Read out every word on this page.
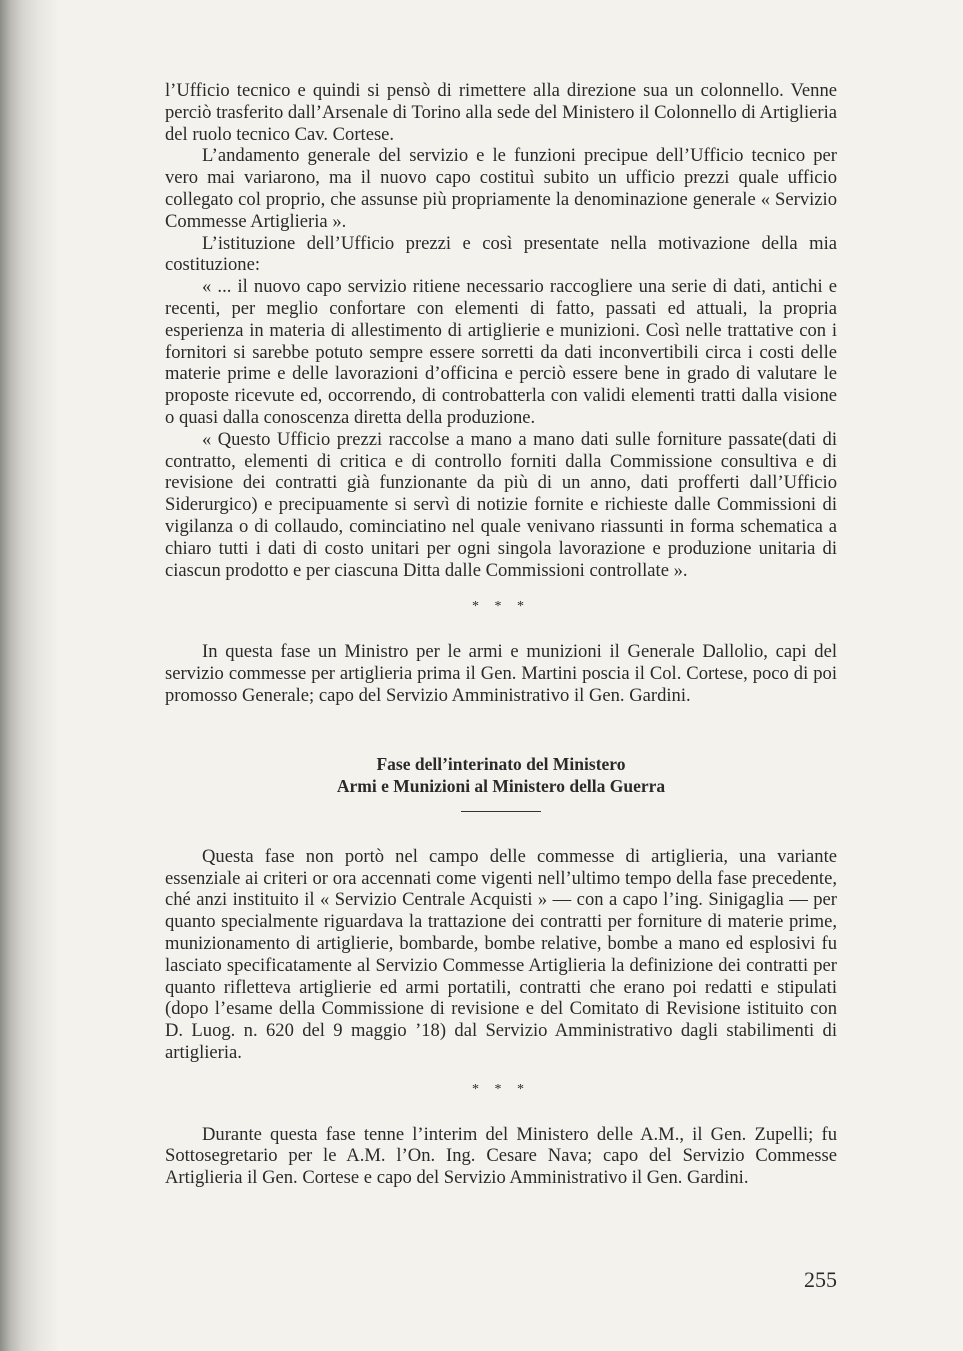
l’Ufficio tecnico e quindi si pensò di rimettere alla direzione sua un colonnello. Venne perciò trasferito dall’Arsenale di Torino alla sede del Ministero il Colonnello di Artiglieria del ruolo tecnico Cav. Cortese.

L’andamento generale del servizio e le funzioni precipue dell’Ufficio tecnico per vero mai variarono, ma il nuovo capo costituì subito un ufficio prezzi quale ufficio collegato col proprio, che assunse più propriamente la denominazione generale « Servizio Commesse Artiglieria ».

L’istituzione dell’Ufficio prezzi e così presentate nella motivazione della mia costituzione:

« ... il nuovo capo servizio ritiene necessario raccogliere una serie di dati, antichi e recenti, per meglio confortare con elementi di fatto, passati ed attuali, la propria esperienza in materia di allestimento di artiglierie e munizioni. Così nelle trattative con i fornitori si sarebbe potuto sempre essere sorretti da dati inconvertibili circa i costi delle materie prime e delle lavorazioni d’officina e perciò essere bene in grado di valutare le proposte ricevute ed, occorrendo, di controbatterla con validi elementi tratti dalla visione o quasi dalla conoscenza diretta della produzione.

« Questo Ufficio prezzi raccolse a mano a mano dati sulle forniture passate(dati di contratto, elementi di critica e di controllo forniti dalla Commissione consultiva e di revisione dei contratti già funzionante da più di un anno, dati profferti dall’Ufficio Siderurgico) e precipuamente si servì di notizie fornite e richieste dalle Commissioni di vigilanza o di collaudo, cominciatino nel quale venivano riassunti in forma schematica a chiaro tutti i dati di costo unitari per ogni singola lavorazione e produzione unitaria di ciascun prodotto e per ciascuna Ditta dalle Commissioni controllate ».

* * *

In questa fase un Ministro per le armi e munizioni il Generale Dallolio, capi del servizio commesse per artiglieria prima il Gen. Martini poscia il Col. Cortese, poco di poi promosso Generale; capo del Servizio Amministrativo il Gen. Gardini.

Fase dell’interinato del Ministero

Armi e Munizioni al Ministero della Guerra

Questa fase non portò nel campo delle commesse di artiglieria, una variante essenziale ai criteri or ora accennati come vigenti nell’ultimo tempo della fase precedente, ché anzi instituito il « Servizio Centrale Acquisti » — con a capo l’ing. Sinigaglia — per quanto specialmente riguardava la trattazione dei contratti per forniture di materie prime, munizionamento di artiglierie, bombarde, bombe relative, bombe a mano ed esplosivi fu lasciato specificatamente al Servizio Commesse Artiglieria la definizione dei contratti per quanto rifletteva artiglierie ed armi portatili, contratti che erano poi redatti e stipulati (dopo l’esame della Commissione di revisione e del Comitato di Revisione istituito con D. Luog. n. 620 del 9 maggio ’18) dal Servizio Amministrativo dagli stabilimenti di artiglieria.

* * *

Durante questa fase tenne l’interim del Ministero delle A.M., il Gen. Zupelli; fu Sottosegretario per le A.M. l’On. Ing. Cesare Nava; capo del Servizio Commesse Artiglieria il Gen. Cortese e capo del Servizio Amministrativo il Gen. Gardini.

255
